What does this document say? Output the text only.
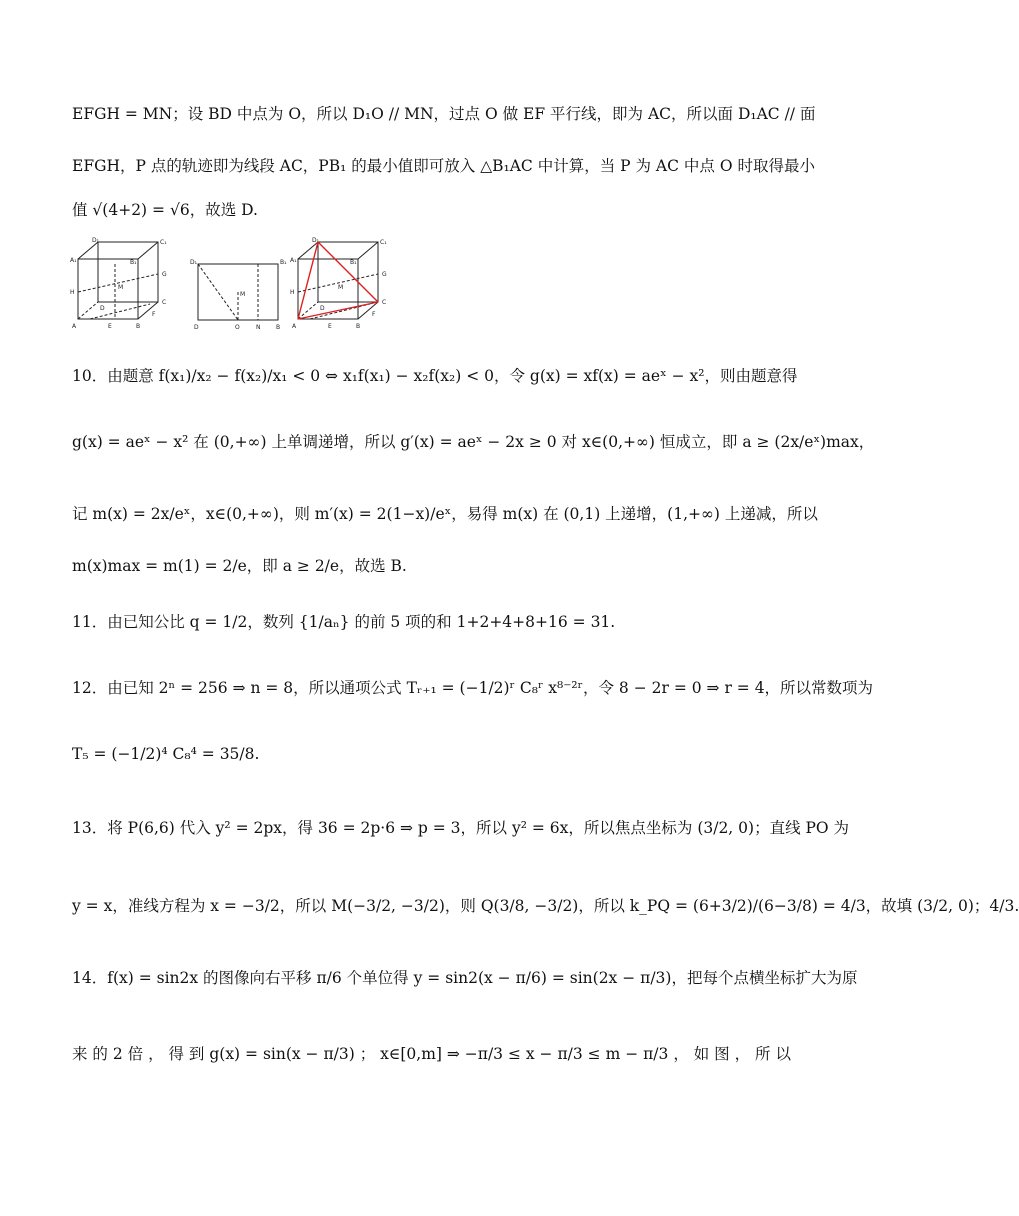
EFGH = MN；设 BD 中点为 O，所以 D₁O // MN，过点 O 做 EF 平行线，即为 AC，所以面 D₁AC // 面
EFGH，P 点的轨迹即为线段 AC，PB₁ 的最小值即可放入 △B₁AC 中计算，当 P 为 AC 中点 O 时取得最小
值 √(4+2) = √6，故选 D.
D₁	C₁
A₁	B₁
H
G
M
D
C
A	E	B
F
D₁	B₁
M
D	O	N	B
D₁	C₁
A₁	B₁
H
G
M
D
C
A	E	B
F
10．由题意 f(x₁)/x₂ − f(x₂)/x₁ < 0 ⇔ x₁f(x₁) − x₂f(x₂) < 0，令 g(x) = xf(x) = aeˣ − x²，则由题意得
g(x) = aeˣ − x² 在 (0,+∞) 上单调递增，所以 g′(x) = aeˣ − 2x ≥ 0 对 x∈(0,+∞) 恒成立，即 a ≥ (2x/eˣ)max，
记 m(x) = 2x/eˣ，x∈(0,+∞)，则 m′(x) = 2(1−x)/eˣ，易得 m(x) 在 (0,1) 上递增，(1,+∞) 上递减，所以
m(x)max = m(1) = 2/e，即 a ≥ 2/e，故选 B.
11．由已知公比 q = 1/2，数列 {1/aₙ} 的前 5 项的和 1+2+4+8+16 = 31.
12．由已知 2ⁿ = 256 ⇒ n = 8，所以通项公式 Tᵣ₊₁ = (−1/2)ʳ C₈ʳ x⁸⁻²ʳ，令 8 − 2r = 0 ⇒ r = 4，所以常数项为
T₅ = (−1/2)⁴ C₈⁴ = 35/8.
13．将 P(6,6) 代入 y² = 2px，得 36 = 2p·6 ⇒ p = 3，所以 y² = 6x，所以焦点坐标为 (3/2, 0)；直线 PO 为
y = x，准线方程为 x = −3/2，所以 M(−3/2, −3/2)，则 Q(3/8, −3/2)，所以 k_PQ = (6+3/2)/(6−3/8) = 4/3，故填 (3/2, 0)；4/3.
14．f(x) = sin2x 的图像向右平移 π/6 个单位得 y = sin2(x − π/6) = sin(2x − π/3)，把每个点横坐标扩大为原
来 的 2 倍 ， 得 到 g(x) = sin(x − π/3) ； x∈[0,m] ⇒ −π/3 ≤ x − π/3 ≤ m − π/3 ， 如 图 ， 所 以
